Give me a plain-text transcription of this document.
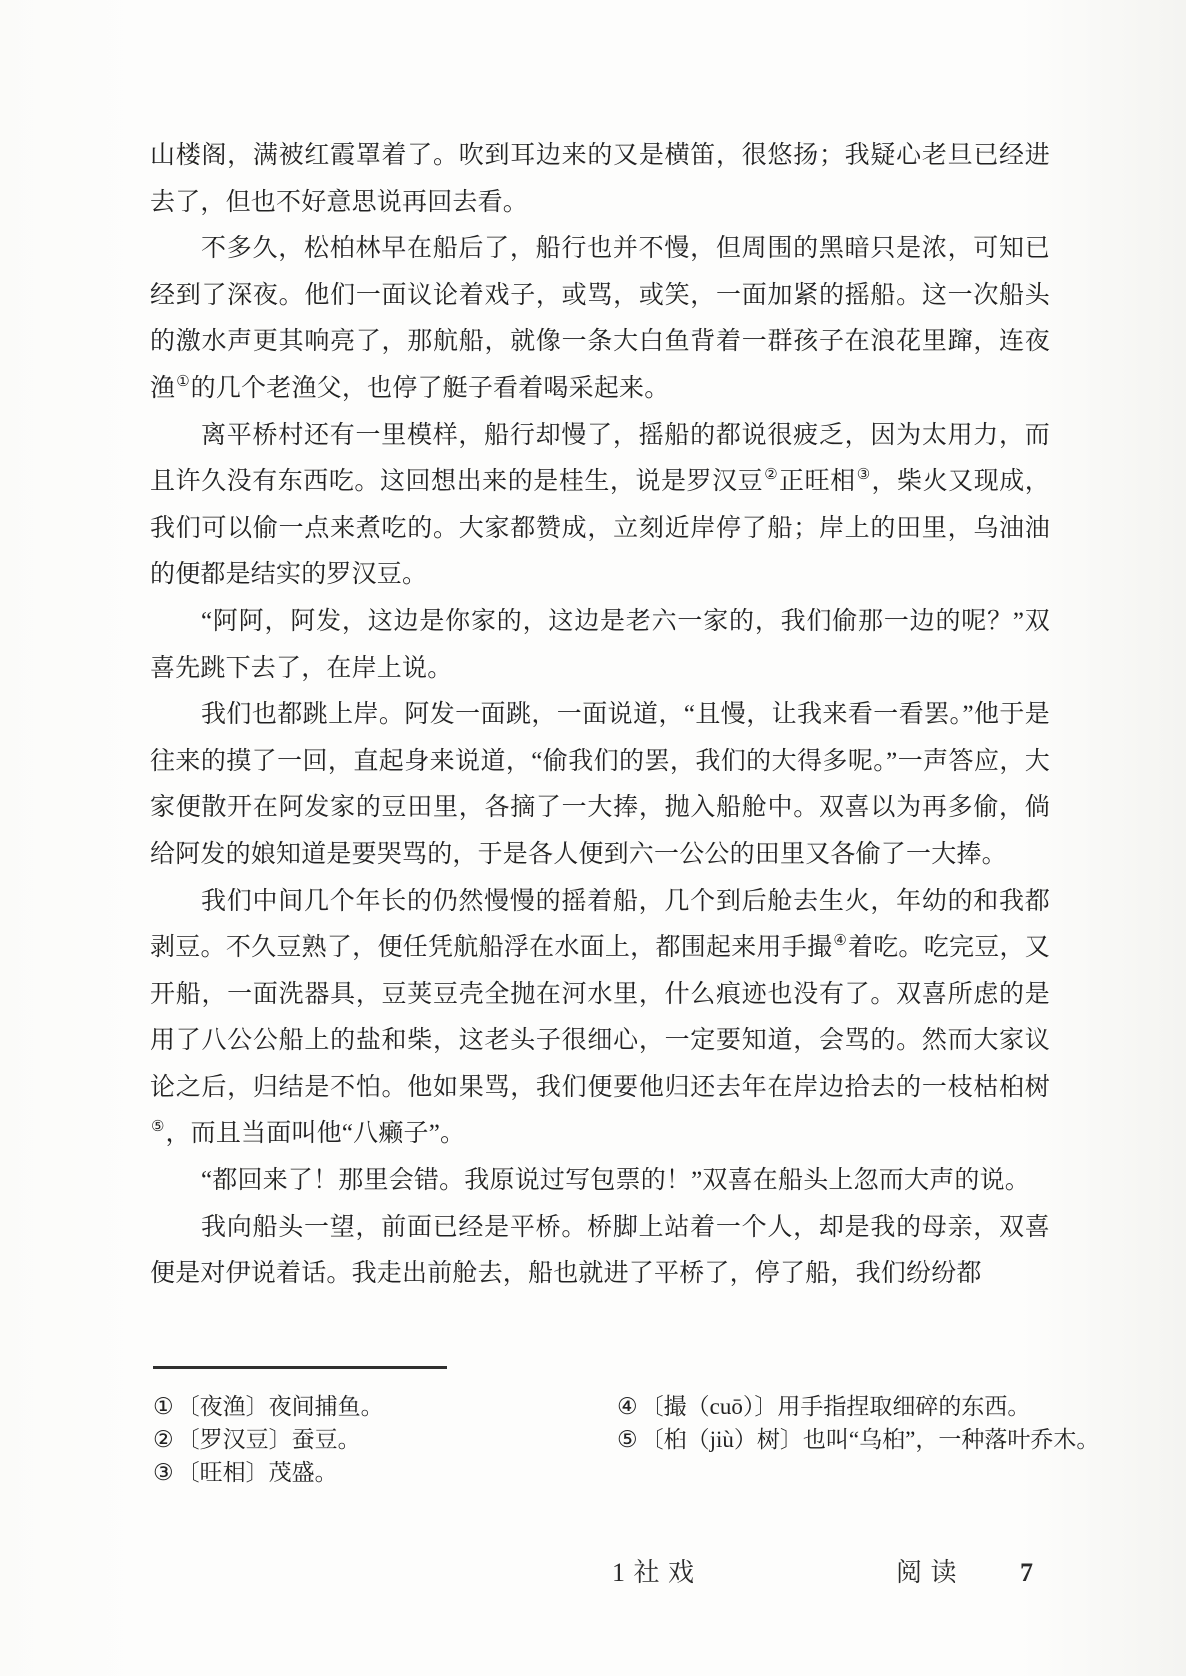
山楼阁，满被红霞罩着了。吹到耳边来的又是横笛，很悠扬；我疑心老旦已经进去了，但也不好意思说再回去看。

不多久，松柏林早在船后了，船行也并不慢，但周围的黑暗只是浓，可知已经到了深夜。他们一面议论着戏子，或骂，或笑，一面加紧的摇船。这一次船头的激水声更其响亮了，那航船，就像一条大白鱼背着一群孩子在浪花里蹿，连夜渔①的几个老渔父，也停了艇子看着喝采起来。

离平桥村还有一里模样，船行却慢了，摇船的都说很疲乏，因为太用力，而且许久没有东西吃。这回想出来的是桂生，说是罗汉豆②正旺相③，柴火又现成，我们可以偷一点来煮吃的。大家都赞成，立刻近岸停了船；岸上的田里，乌油油的便都是结实的罗汉豆。

“阿阿，阿发，这边是你家的，这边是老六一家的，我们偷那一边的呢？”双喜先跳下去了，在岸上说。

我们也都跳上岸。阿发一面跳，一面说道，“且慢，让我来看一看罢。”他于是往来的摸了一回，直起身来说道，“偷我们的罢，我们的大得多呢。”一声答应，大家便散开在阿发家的豆田里，各摘了一大捧，抛入船舱中。双喜以为再多偷，倘给阿发的娘知道是要哭骂的，于是各人便到六一公公的田里又各偷了一大捧。

我们中间几个年长的仍然慢慢的摇着船，几个到后舱去生火，年幼的和我都剥豆。不久豆熟了，便任凭航船浮在水面上，都围起来用手撮④着吃。吃完豆，又开船，一面洗器具，豆荚豆壳全抛在河水里，什么痕迹也没有了。双喜所虑的是用了八公公船上的盐和柴，这老头子很细心，一定要知道，会骂的。然而大家议论之后，归结是不怕。他如果骂，我们便要他归还去年在岸边拾去的一枝枯桕树⑤，而且当面叫他“八癞子”。

“都回来了！那里会错。我原说过写包票的！”双喜在船头上忽而大声的说。

我向船头一望，前面已经是平桥。桥脚上站着一个人，却是我的母亲，双喜便是对伊说着话。我走出前舱去，船也就进了平桥了，停了船，我们纷纷都

① 〔夜渔〕夜间捕鱼。
② 〔罗汉豆〕蚕豆。
③ 〔旺相〕茂盛。
④ 〔撮（cuō）〕用手指捏取细碎的东西。
⑤ 〔桕（jiù）树〕也叫“乌桕”，一种落叶乔木。
1 社 戏	阅 读 7
